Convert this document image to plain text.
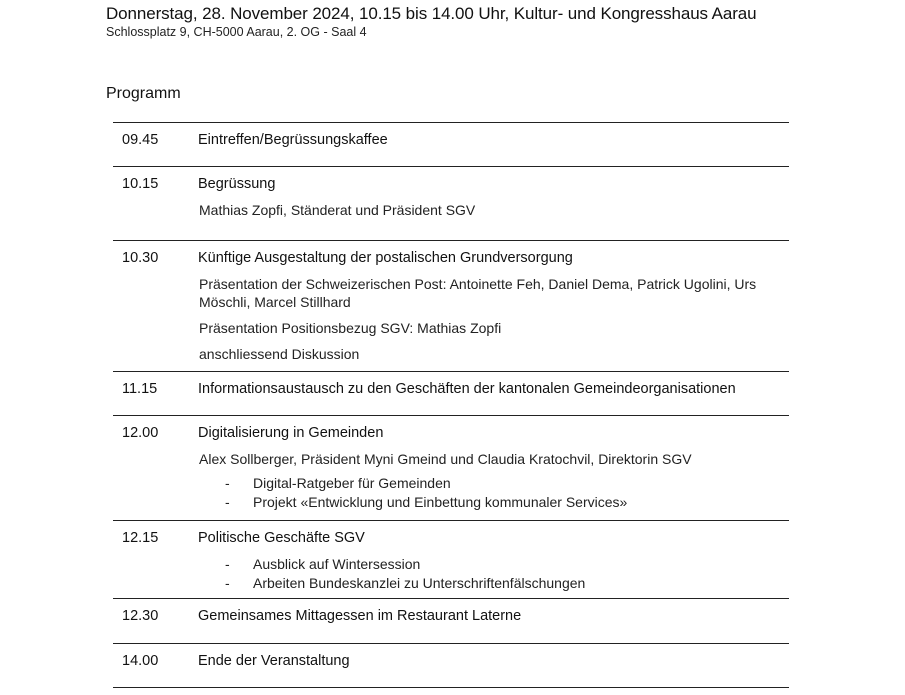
Donnerstag, 28. November 2024, 10.15 bis 14.00 Uhr, Kultur- und Kongresshaus Aarau
Schlossplatz 9, CH-5000 Aarau, 2. OG - Saal 4
Programm
09.45	Eintreffen/Begrüssungskaffee
10.15	Begrüssung
Mathias Zopfi, Ständerat und Präsident SGV
10.30	Künftige Ausgestaltung der postalischen Grundversorgung
Präsentation der Schweizerischen Post: Antoinette Feh, Daniel Dema, Patrick Ugolini, Urs Möschli, Marcel Stillhard
Präsentation Positionsbezug SGV: Mathias Zopfi
anschliessend Diskussion
11.15	Informationsaustausch zu den Geschäften der kantonalen Gemeindeorganisationen
12.00	Digitalisierung in Gemeinden
Alex Sollberger, Präsident Myni Gmeind und Claudia Kratochvil, Direktorin SGV
- Digital-Ratgeber für Gemeinden
- Projekt «Entwicklung und Einbettung kommunaler Services»
12.15	Politische Geschäfte SGV
- Ausblick auf Wintersession
- Arbeiten Bundeskanzlei zu Unterschriftenfälschungen
12.30	Gemeinsames Mittagessen im Restaurant Laterne
14.00	Ende der Veranstaltung
